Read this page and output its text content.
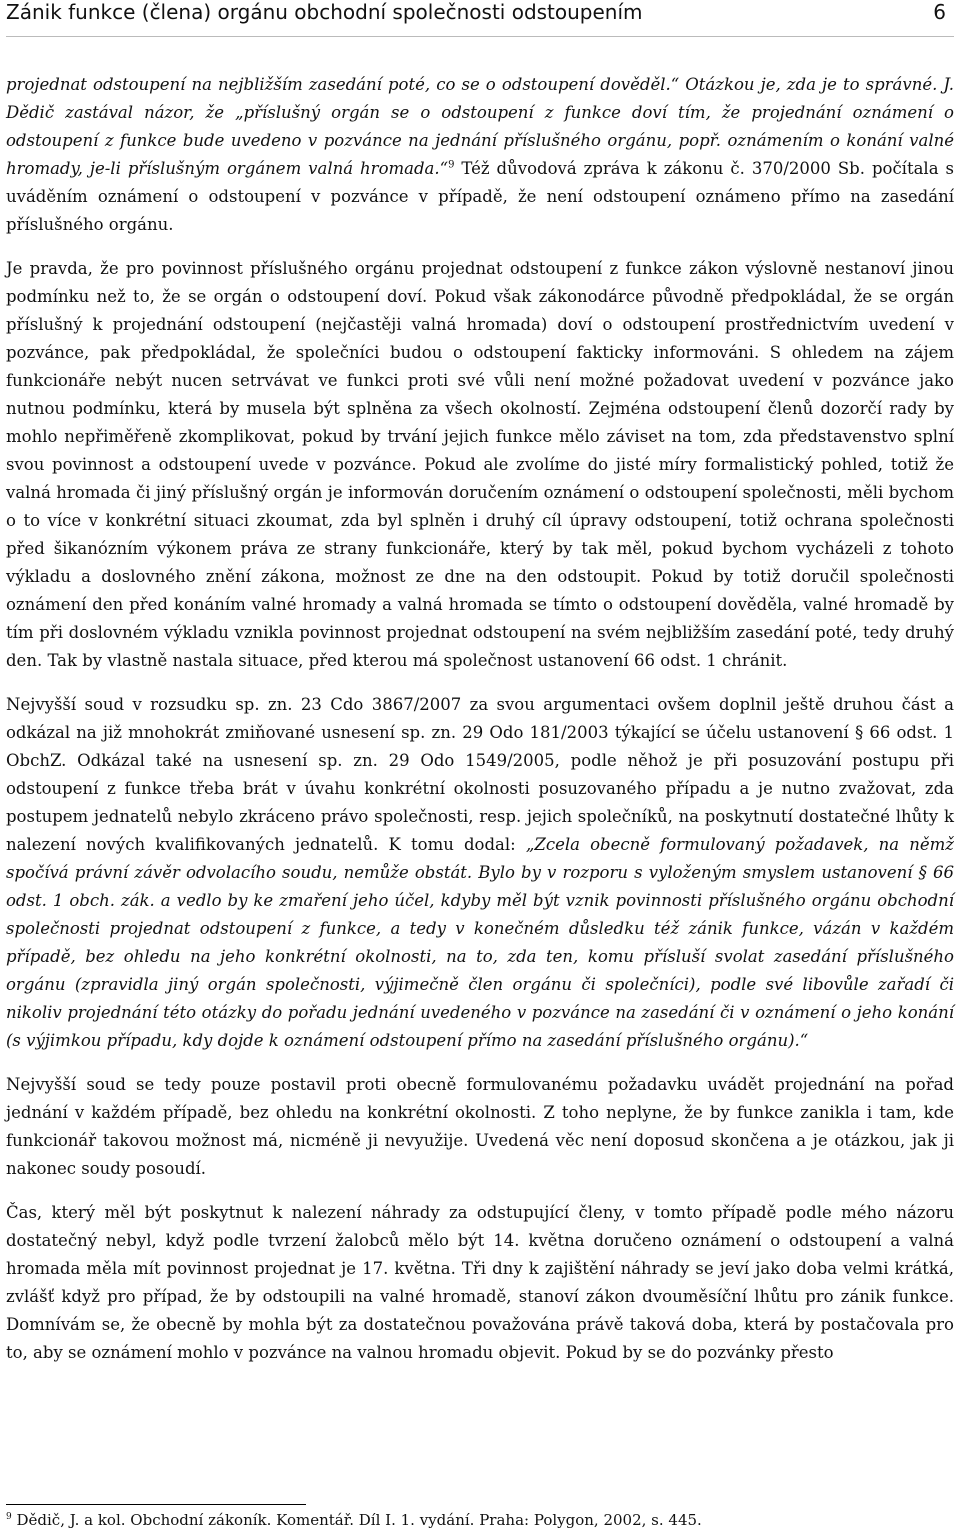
Zánik funkce (člena) orgánu obchodní společnosti odstoupením	6

projednat odstoupení na nejbližším zasedání poté, co se o odstoupení dověděl.“ Otázkou je, zda je to správné. J. Dědič zastával názor, že „příslušný orgán se o odstoupení z funkce doví tím, že projednání oznámení o odstoupení z funkce bude uvedeno v pozvánce na jednání příslušného orgánu, popř. oznámením o konání valné hromady, je-li příslušným orgánem valná hromada.“$^9$ Též důvodová zpráva k zákonu č. 370/2000 Sb. počítala s uváděním oznámení o odstoupení v pozvánce v případě, že není odstoupení oznámeno přímo na zasedání příslušného orgánu.

Je pravda, že pro povinnost příslušného orgánu projednat odstoupení z funkce zákon výslovně nestanoví jinou podmínku než to, že se orgán o odstoupení doví. Pokud však zákonodárce původně předpokládal, že se orgán příslušný k projednání odstoupení (nejčastěji valná hromada) doví o odstoupení prostřednictvím uvedení v pozvánce, pak předpokládal, že společníci budou o odstoupení fakticky informováni. S ohledem na zájem funkcionáře nebýt nucen setrvávat ve funkci proti své vůli není možné požadovat uvedení v pozvánce jako nutnou podmínku, která by musela být splněna za všech okolností. Zejména odstoupení členů dozorčí rady by mohlo nepřiměřeně zkomplikovat, pokud by trvání jejich funkce mělo záviset na tom, zda představenstvo splní svou povinnost a odstoupení uvede v pozvánce. Pokud ale zvolíme do jisté míry formalistický pohled, totiž že valná hromada či jiný příslušný orgán je informován doručením oznámení o odstoupení společnosti, měli bychom o to více v konkrétní situaci zkoumat, zda byl splněn i druhý cíl úpravy odstoupení, totiž ochrana společnosti před šikanózním výkonem práva ze strany funkcionáře, který by tak měl, pokud bychom vycházeli z tohoto výkladu a doslovného znění zákona, možnost ze dne na den odstoupit. Pokud by totiž doručil společnosti oznámení den před konáním valné hromady a valná hromada se tímto o odstoupení dověděla, valné hromadě by tím při doslovném výkladu vznikla povinnost projednat odstoupení na svém nejbližším zasedání poté, tedy druhý den. Tak by vlastně nastala situace, před kterou má společnost ustanovení 66 odst. 1 chránit.

Nejvyšší soud v rozsudku sp. zn. 23 Cdo 3867/2007 za svou argumentaci ovšem doplnil ještě druhou část a odkázal na již mnohokrát zmiňované usnesení sp. zn. 29 Odo 181/2003 týkající se účelu ustanovení § 66 odst. 1 ObchZ. Odkázal také na usnesení sp. zn. 29 Odo 1549/2005, podle něhož je při posuzování postupu při odstoupení z funkce třeba brát v úvahu konkrétní okolnosti posuzovaného případu a je nutno zvažovat, zda postupem jednatelů nebylo zkráceno právo společnosti, resp. jejich společníků, na poskytnutí dostatečné lhůty k nalezení nových kvalifikovaných jednatelů. K tomu dodal: „Zcela obecně formulovaný požadavek, na němž spočívá právní závěr odvolacího soudu, nemůže obstát. Bylo by v rozporu s vyloženým smyslem ustanovení § 66 odst. 1 obch. zák. a vedlo by ke zmaření jeho účel, kdyby měl být vznik povinnosti příslušného orgánu obchodní společnosti projednat odstoupení z funkce, a tedy v konečném důsledku též zánik funkce, vázán v každém případě, bez ohledu na jeho konkrétní okolnosti, na to, zda ten, komu přísluší svolat zasedání příslušného orgánu (zpravidla jiný orgán společnosti, výjimečně člen orgánu či společníci), podle své libovůle zařadí či nikoliv projednání této otázky do pořadu jednání uvedeného v pozvánce na zasedání či v oznámení o jeho konání (s výjimkou případu, kdy dojde k oznámení odstoupení přímo na zasedání příslušného orgánu).“

Nejvyšší soud se tedy pouze postavil proti obecně formulovanému požadavku uvádět projednání na pořad jednání v každém případě, bez ohledu na konkrétní okolnosti. Z toho neplyne, že by funkce zanikla i tam, kde funkcionář takovou možnost má, nicméně ji nevyužije. Uvedená věc není doposud skončena a je otázkou, jak ji nakonec soudy posoudí.

Čas, který měl být poskytnut k nalezení náhrady za odstupující členy, v tomto případě podle mého názoru dostatečný nebyl, když podle tvrzení žalobců mělo být 14. května doručeno oznámení o odstoupení a valná hromada měla mít povinnost projednat je 17. května. Tři dny k zajištění náhrady se jeví jako doba velmi krátká, zvlášť když pro případ, že by odstoupili na valné hromadě, stanoví zákon dvouměsíční lhůtu pro zánik funkce. Domnívám se, že obecně by mohla být za dostatečnou považována právě taková doba, která by postačovala pro to, aby se oznámení mohlo v pozvánce na valnou hromadu objevit. Pokud by se do pozvánky přesto

$^9$ Dědič, J. a kol. Obchodní zákoník. Komentář. Díl I. 1. vydání. Praha: Polygon, 2002, s. 445.
